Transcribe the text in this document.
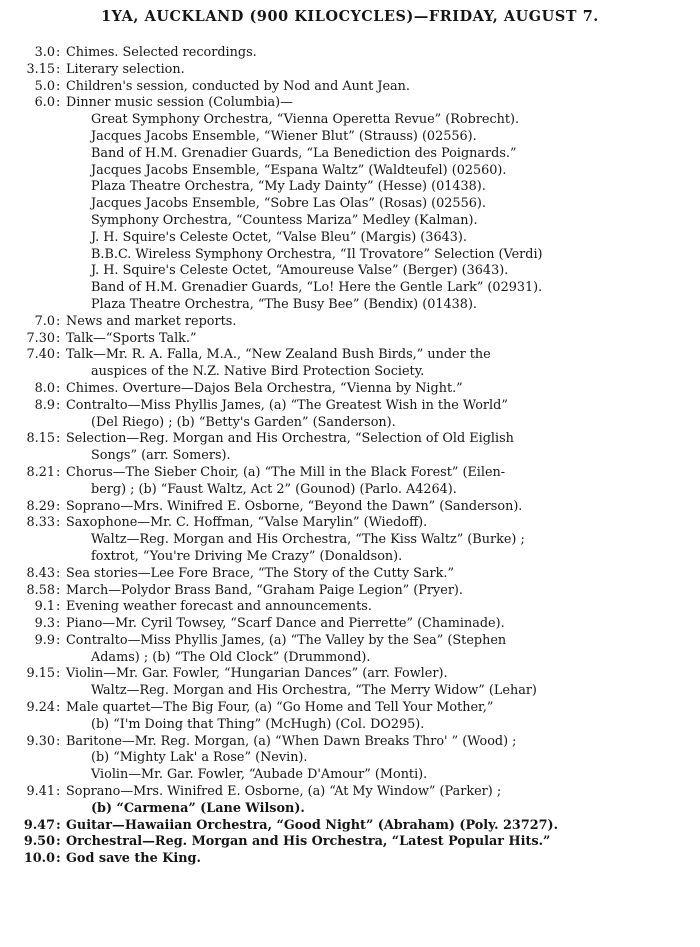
1YA, AUCKLAND (900 KILOCYCLES)—FRIDAY, AUGUST 7.
3.0 : Chimes. Selected recordings.
3.15 : Literary selection.
5.0 : Children's session, conducted by Nod and Aunt Jean.
6.0 : Dinner music session (Columbia)—
Great Symphony Orchestra, “Vienna Operetta Revue” (Robrecht).
Jacques Jacobs Ensemble, “Wiener Blut” (Strauss) (02556).
Band of H.M. Grenadier Guards, “La Benediction des Poignards.”
Jacques Jacobs Ensemble, “Espana Waltz” (Waldteufel) (02560).
Plaza Theatre Orchestra, “My Lady Dainty” (Hesse) (01438).
Jacques Jacobs Ensemble, “Sobre Las Olas” (Rosas) (02556).
Symphony Orchestra, “Countess Mariza” Medley (Kalman).
J. H. Squire's Celeste Octet, “Valse Bleu” (Margis) (3643).
B.B.C. Wireless Symphony Orchestra, “Il Trovatore” Selection (Verdi)
J. H. Squire's Celeste Octet, “Amoureuse Valse” (Berger) (3643).
Band of H.M. Grenadier Guards, “Lo! Here the Gentle Lark” (02931).
Plaza Theatre Orchestra, “The Busy Bee” (Bendix) (01438).
7.0 : News and market reports.
7.30 : Talk—“Sports Talk.”
7.40 : Talk—Mr. R. A. Falla, M.A., “New Zealand Bush Birds,” under the
auspices of the N.Z. Native Bird Protection Society.
8.0 : Chimes. Overture—Dajos Bela Orchestra, “Vienna by Night.”
8.9 : Contralto—Miss Phyllis James, (a) “The Greatest Wish in the World”
(Del Riego) ; (b) “Betty's Garden” (Sanderson).
8.15 : Selection—Reg. Morgan and His Orchestra, “Selection of Old Eiglish
Songs” (arr. Somers).
8.21 : Chorus—The Sieber Choir, (a) “The Mill in the Black Forest” (Eilen-
berg) ; (b) “Faust Waltz, Act 2” (Gounod) (Parlo. A4264).
8.29 : Soprano—Mrs. Winifred E. Osborne, “Beyond the Dawn” (Sanderson).
8.33 : Saxophone—Mr. C. Hoffman, “Valse Marylin” (Wiedoff).
Waltz—Reg. Morgan and His Orchestra, “The Kiss Waltz” (Burke) ;
foxtrot, “You're Driving Me Crazy” (Donaldson).
8.43 : Sea stories—Lee Fore Brace, “The Story of the Cutty Sark.”
8.58 : March—Polydor Brass Band, “Graham Paige Legion” (Pryer).
9.1 : Evening weather forecast and announcements.
9.3 : Piano—Mr. Cyril Towsey, “Scarf Dance and Pierrette” (Chaminade).
9.9 : Contralto—Miss Phyllis James, (a) “The Valley by the Sea” (Stephen
Adams) ; (b) “The Old Clock” (Drummond).
9.15 : Violin—Mr. Gar. Fowler, “Hungarian Dances” (arr. Fowler).
Waltz—Reg. Morgan and His Orchestra, “The Merry Widow” (Lehar)
9.24 : Male quartet—The Big Four, (a) “Go Home and Tell Your Mother,”
(b) “I'm Doing that Thing” (McHugh) (Col. DO295).
9.30 : Baritone—Mr. Reg. Morgan, (a) “When Dawn Breaks Thro' ” (Wood) ;
(b) “Mighty Lak' a Rose” (Nevin).
Violin—Mr. Gar. Fowler, “Aubade D'Amour” (Monti).
9.41 : Soprano—Mrs. Winifred E. Osborne, (a) “At My Window” (Parker) ;
(b) “Carmena” (Lane Wilson).
9.47 : Guitar—Hawaiian Orchestra, “Good Night” (Abraham) (Poly. 23727).
9.50 : Orchestral—Reg. Morgan and His Orchestra, “Latest Popular Hits.”
10.0 : God save the King.
